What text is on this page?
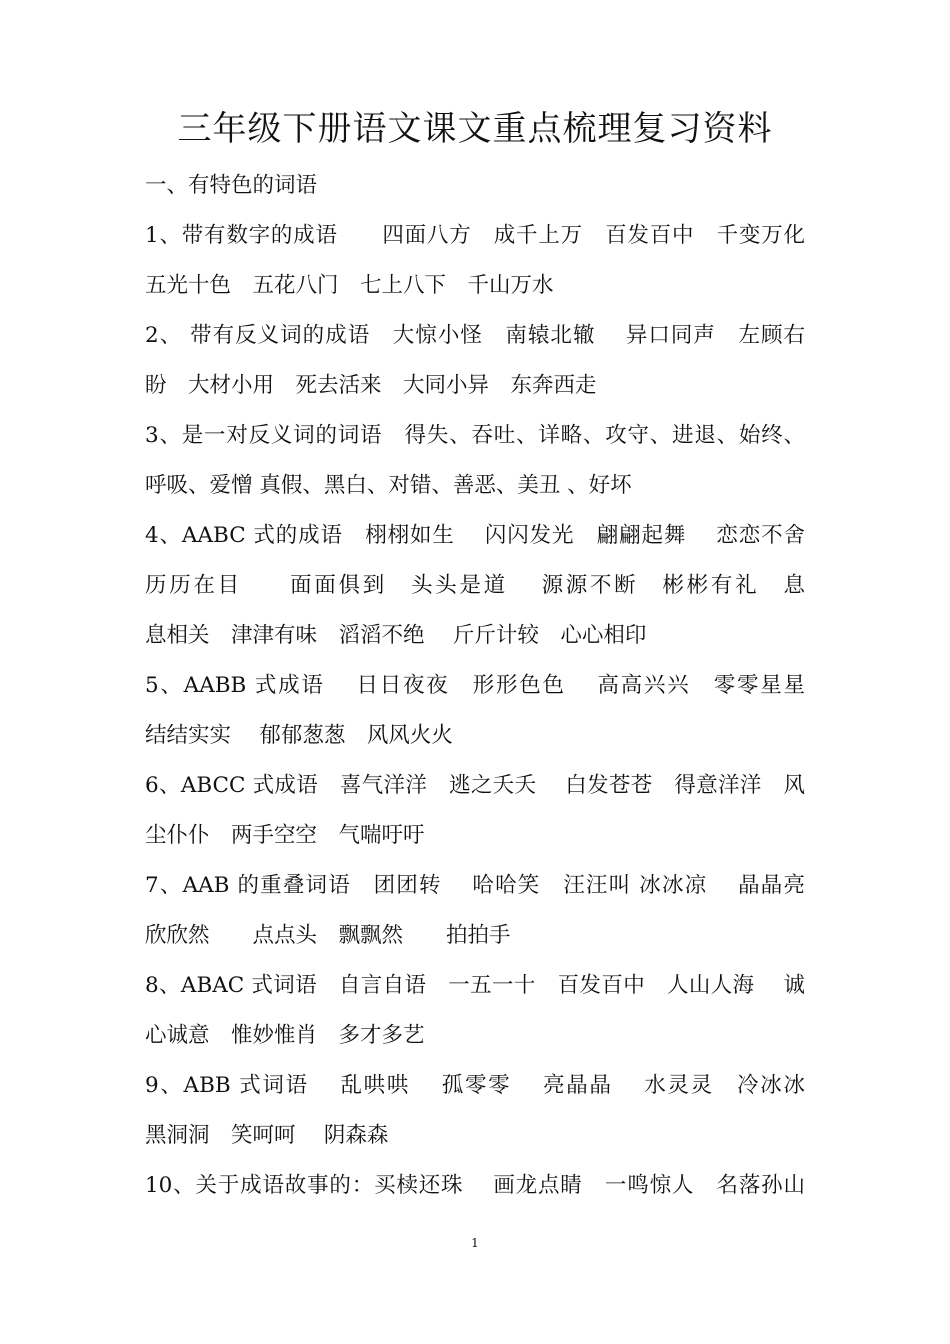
三年级下册语文课文重点梳理复习资料
一、有特色的词语
1、带有数字的成语　　四面八方　成千上万　百发百中　千变万化
五光十色　五花八门　七上八下　千山万水
2、 带有反义词的成语　大惊小怪　南辕北辙　 异口同声　左顾右
盼　大材小用　死去活来　大同小异　东奔西走
3、是一对反义词的词语　得失、吞吐、详略、攻守、进退、始终、
呼吸、爱憎 真假、黑白、对错、善恶、美丑 、好坏
4、AABC 式的成语　栩栩如生　 闪闪发光　翩翩起舞　 恋恋不舍
历历在目　　面面俱到　头头是道　 源源不断　彬彬有礼　息
息相关　津津有味　滔滔不绝　 斤斤计较　心心相印
5、AABB 式成语　 日日夜夜　形形色色　 高高兴兴　零零星星
结结实实　 郁郁葱葱　风风火火
6、ABCC 式成语　喜气洋洋　逃之夭夭　 白发苍苍　得意洋洋　风
尘仆仆　两手空空　气喘吁吁
7、AAB 的重叠词语　团团转　 哈哈笑　汪汪叫 冰冰凉　 晶晶亮
欣欣然　　点点头　飘飘然　　拍拍手
8、ABAC 式词语　自言自语　一五一十　百发百中　人山人海　 诚
心诚意　惟妙惟肖　多才多艺
9、ABB 式词语　 乱哄哄　 孤零零　 亮晶晶　 水灵灵　冷冰冰
黑洞洞　笑呵呵　 阴森森
10、关于成语故事的：买椟还珠　 画龙点睛　一鸣惊人　名落孙山
1
